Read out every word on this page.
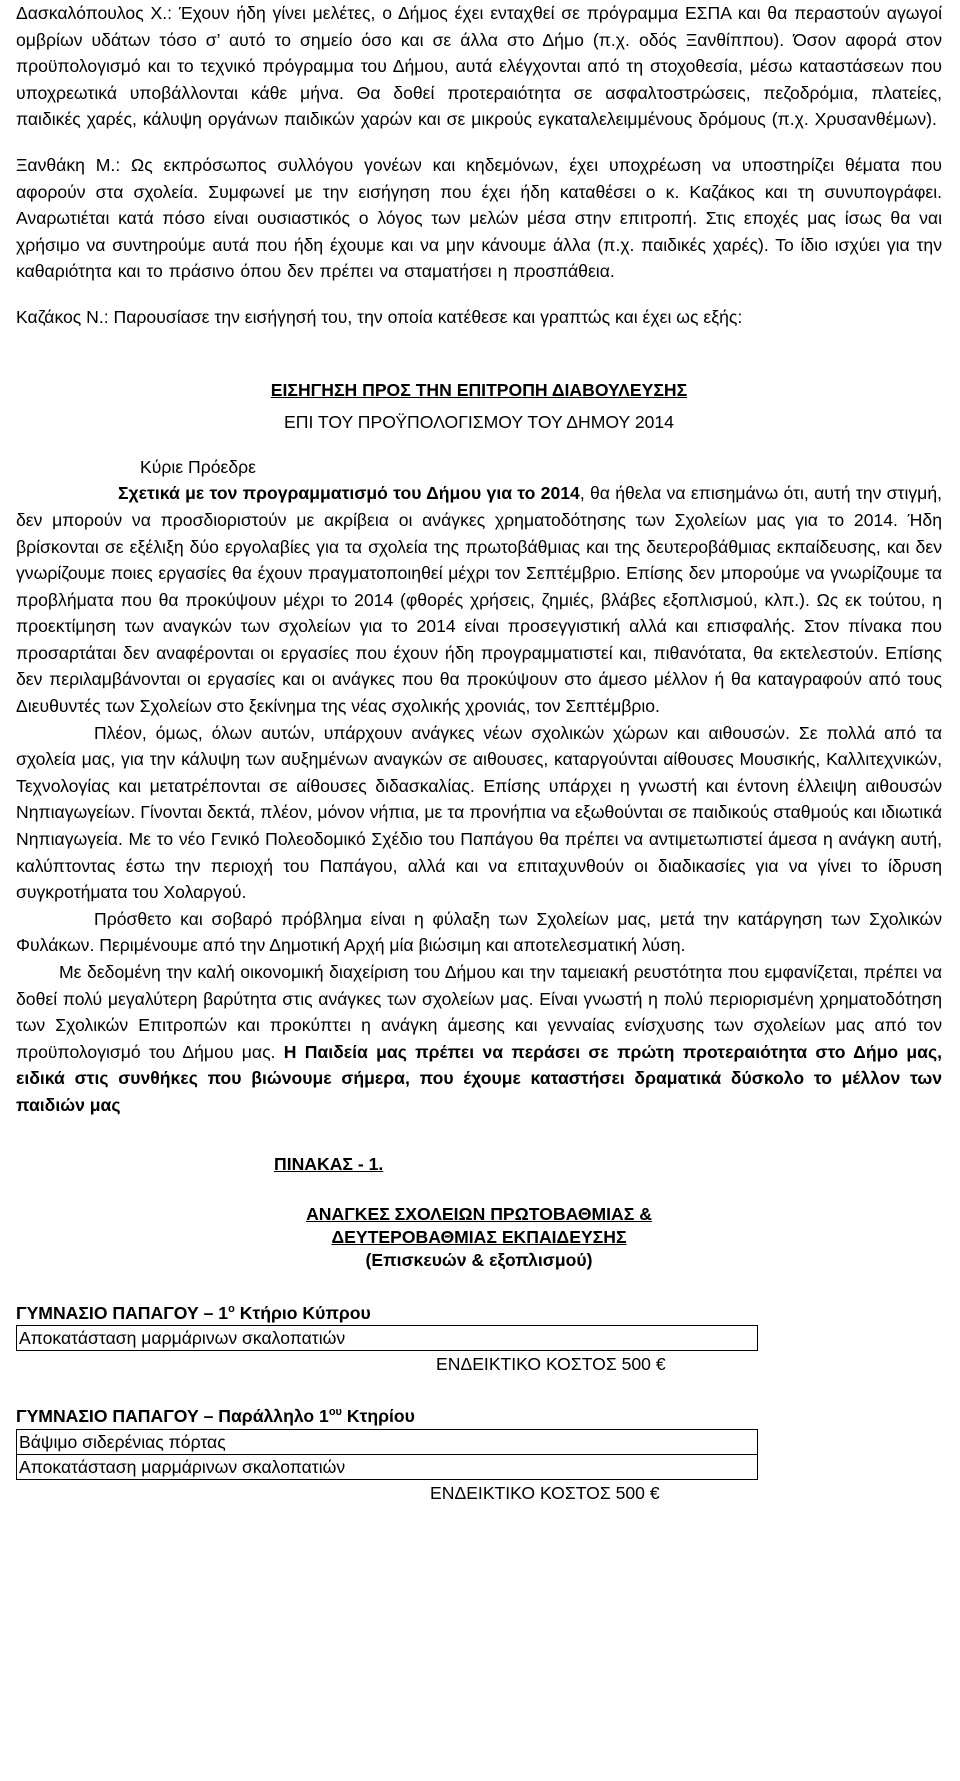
Δασκαλόπουλος Χ.: Έχουν ήδη γίνει μελέτες, ο Δήμος έχει ενταχθεί σε πρόγραμμα ΕΣΠΑ και θα περαστούν αγωγοί ομβρίων υδάτων τόσο σ’ αυτό το σημείο όσο και σε άλλα στο Δήμο (π.χ. οδός Ξανθίππου). Όσον αφορά στον προϋπολογισμό και το τεχνικό πρόγραμμα του Δήμου, αυτά ελέγχονται από τη στοχοθεσία, μέσω καταστάσεων που υποχρεωτικά υποβάλλονται κάθε μήνα. Θα δοθεί προτεραιότητα σε ασφαλτοστρώσεις, πεζοδρόμια, πλατείες, παιδικές χαρές, κάλυψη οργάνων παιδικών χαρών και σε μικρούς εγκαταλελειμμένους δρόμους (π.χ. Χρυσανθέμων).

Ξανθάκη Μ.: Ως εκπρόσωπος συλλόγου γονέων και κηδεμόνων, έχει υποχρέωση να υποστηρίζει θέματα που αφορούν στα σχολεία. Συμφωνεί με την εισήγηση που έχει ήδη καταθέσει ο κ. Καζάκος και τη συνυπογράφει. Αναρωτιέται κατά πόσο είναι ουσιαστικός ο λόγος των μελών μέσα στην επιτροπή. Στις εποχές μας ίσως θα ναι χρήσιμο να συντηρούμε αυτά που ήδη έχουμε και να μην κάνουμε άλλα (π.χ. παιδικές χαρές). Το ίδιο ισχύει για την καθαριότητα και το πράσινο όπου δεν πρέπει να σταματήσει η προσπάθεια.

Καζάκος Ν.: Παρουσίασε την εισήγησή του, την οποία κατέθεσε και γραπτώς και έχει ως εξής:

ΕΙΣΗΓΗΣΗ ΠΡΟΣ ΤΗΝ ΕΠΙΤΡΟΠΗ ΔΙΑΒΟΥΛΕΥΣΗΣ

ΕΠΙ ΤΟΥ ΠΡΟΫΠΟΛΟΓΙΣΜΟΥ ΤΟΥ ΔΗΜΟΥ 2014

Κύριε Πρόεδρε

Σχετικά με τον προγραμματισμό του Δήμου για το 2014, θα ήθελα να επισημάνω ότι, αυτή την στιγμή, δεν μπορούν να προσδιοριστούν με ακρίβεια οι ανάγκες χρηματοδότησης των Σχολείων μας για το 2014. Ήδη βρίσκονται σε εξέλιξη δύο εργολαβίες για τα σχολεία της πρωτοβάθμιας και της δευτεροβάθμιας εκπαίδευσης, και δεν γνωρίζουμε ποιες εργασίες θα έχουν πραγματοποιηθεί μέχρι τον Σεπτέμβριο. Επίσης δεν μπορούμε να γνωρίζουμε τα προβλήματα που θα προκύψουν μέχρι το 2014 (φθορές χρήσεις, ζημιές, βλάβες εξοπλισμού, κλπ.). Ως εκ τούτου, η προεκτίμηση των αναγκών των σχολείων για το 2014 είναι προσεγγιστική αλλά και επισφαλής. Στον πίνακα που προσαρτάται δεν αναφέρονται οι εργασίες που έχουν ήδη προγραμματιστεί και, πιθανότατα, θα εκτελεστούν. Επίσης δεν περιλαμβάνονται οι εργασίες και οι ανάγκες που θα προκύψουν στο άμεσο μέλλον ή θα καταγραφούν από τους Διευθυντές των Σχολείων στο ξεκίνημα της νέας σχολικής χρονιάς, τον Σεπτέμβριο.

Πλέον, όμως, όλων αυτών, υπάρχουν ανάγκες νέων σχολικών χώρων και αιθουσών. Σε πολλά από τα σχολεία μας, για την κάλυψη των αυξημένων αναγκών σε αιθουσες, καταργούνται αίθουσες Μουσικής, Καλλιτεχνικών, Τεχνολογίας και μετατρέπονται σε αίθουσες διδασκαλίας. Επίσης υπάρχει η γνωστή και έντονη έλλειψη αιθουσών Νηπιαγωγείων. Γίνονται δεκτά, πλέον, μόνον νήπια, με τα προνήπια να εξωθούνται σε παιδικούς σταθμούς και ιδιωτικά Νηπιαγωγεία. Με το νέο Γενικό Πολεοδομικό Σχέδιο του Παπάγου θα πρέπει να αντιμετωπιστεί άμεσα η ανάγκη αυτή, καλύπτοντας έστω την περιοχή του Παπάγου, αλλά και να επιταχυνθούν οι διαδικασίες για να γίνει το ίδρυση συγκροτήματα του Χολαργού.

Πρόσθετο και σοβαρό πρόβλημα είναι η φύλαξη των Σχολείων μας, μετά την κατάργηση των Σχολικών Φυλάκων. Περιμένουμε από την Δημοτική Αρχή μία βιώσιμη και αποτελεσματική λύση.

Με δεδομένη την καλή οικονομική διαχείριση του Δήμου και την ταμειακή ρευστότητα που εμφανίζεται, πρέπει να δοθεί πολύ μεγαλύτερη βαρύτητα στις ανάγκες των σχολείων μας. Είναι γνωστή η πολύ περιορισμένη χρηματοδότηση των Σχολικών Επιτροπών και προκύπτει η ανάγκη άμεσης και γενναίας ενίσχυσης των σχολείων μας από τον προϋπολογισμό του Δήμου μας. Η Παιδεία μας πρέπει να περάσει σε πρώτη προτεραιότητα στο Δήμο μας, ειδικά στις συνθήκες που βιώνουμε σήμερα, που έχουμε καταστήσει δραματικά δύσκολο το μέλλον των παιδιών μας

ΠΙΝΑΚΑΣ - 1.

ΑΝΑΓΚΕΣ ΣΧΟΛΕΙΩΝ ΠΡΩΤΟΒΑΘΜΙΑΣ &

ΔΕΥΤΕΡΟΒΑΘΜΙΑΣ ΕΚΠΑΙΔΕΥΣΗΣ

(Επισκευών & εξοπλισμού)

ΓΥΜΝΑΣΙΟ ΠΑΠΑΓΟΥ – $1^o$ Κτήριο Κύπρου

Αποκατάσταση μαρμάρινων σκαλοπατιών

ΕΝΔΕΙΚΤΙΚΟ ΚΟΣΤΟΣ 500 €

ΓΥΜΝΑΣΙΟ ΠΑΠΑΓΟΥ – Παράλληλο $1^{o\upsilon}$ Κτηρίου

Βάψιμο σιδερένιας πόρτας
Αποκατάσταση μαρμάρινων σκαλοπατιών

ΕΝΔΕΙΚΤΙΚΟ ΚΟΣΤΟΣ 500 €
